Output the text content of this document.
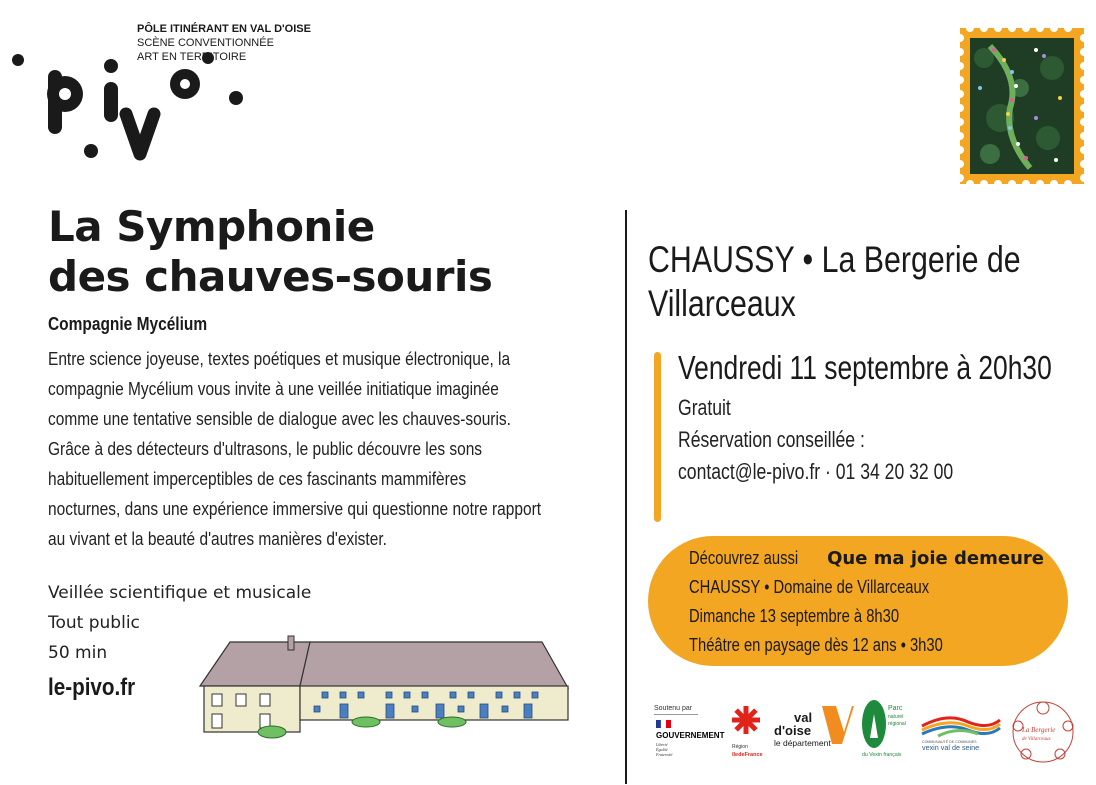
PÔLE ITINÉRANT EN VAL D'OISE
SCÈNE CONVENTIONNÉE
ART EN TERRITOIRE
La Symphonie
des chauves-souris
Compagnie Mycélium
Entre science joyeuse, textes poétiques et musique électronique, la
compagnie Mycélium vous invite à une veillée initiatique imaginée
comme une tentative sensible de dialogue avec les chauves-souris.
Grâce à des détecteurs d'ultrasons, le public découvre les sons
habituellement imperceptibles de ces fascinants mammifères
nocturnes, dans une expérience immersive qui questionne notre rapport
au vivant et la beauté d'autres manières d'exister.
Veillée scientifique et musicale
Tout public
50 min
le-pivo.fr
CHAUSSY • La Bergerie de
Villarceaux
Vendredi 11 septembre à 20h30
Gratuit
Réservation conseillée :
contact@le-pivo.fr · 01 34 20 32 00
Découvrez aussi Que ma joie demeure
CHAUSSY • Domaine de Villarceaux
Dimanche 13 septembre à 8h30
Théâtre en paysage dès 12 ans • 3h30
Soutenu par
GOUVERNEMENT
Liberté
Égalité
Fraternité
Région
îledeFrance
val
d'oise
le département
Parc
naturel
régional
du Vexin français
COMMUNAUTÉ DE COMMUNES
vexin val de seine
La Bergerie
de Villarceaux
